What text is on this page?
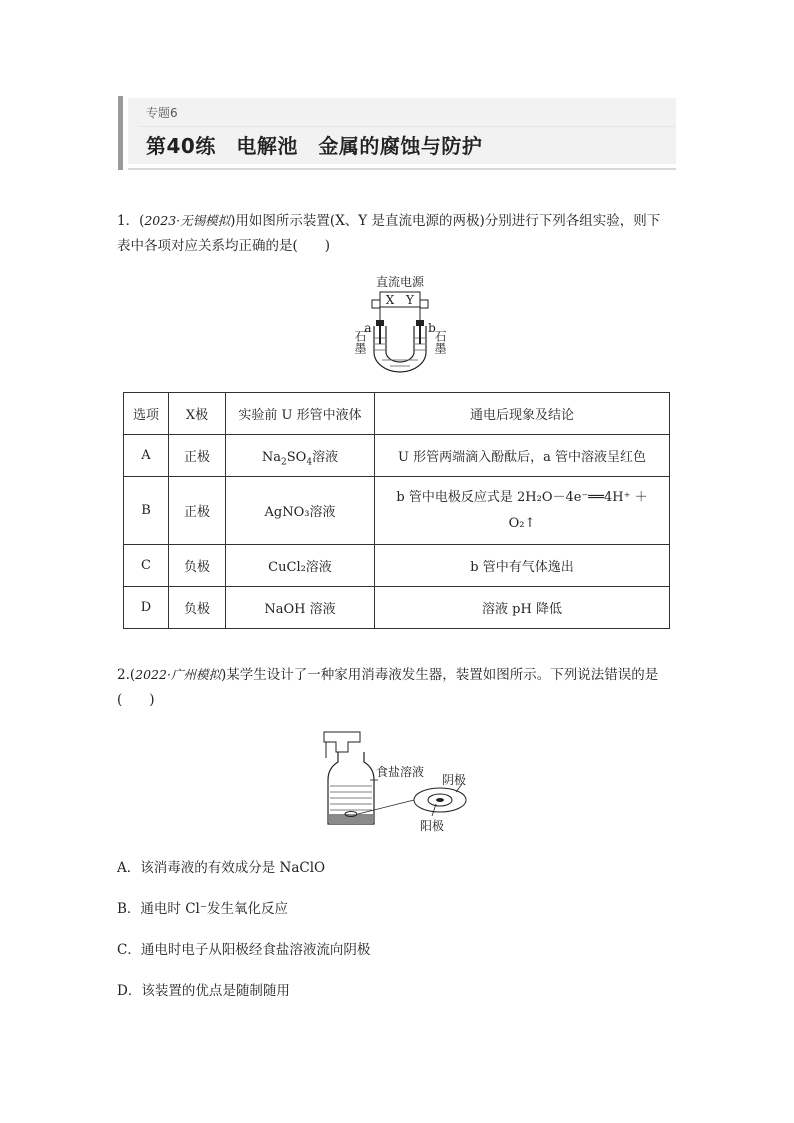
专题6
第40练　电解池　金属的腐蚀与防护
1．(2023·无锡模拟)用如图所示装置(X、Y 是直流电源的两极)分别进行下列各组实验，则下
表中各项对应关系均正确的是(　　)
直流电源
X Y
a	b
石墨	石墨
选项	X极	实验前 U 形管中液体	通电后现象及结论
A	正极	$Na_2SO_4$溶液	U 形管两端滴入酚酞后，a 管中溶液呈红色
B	正极	AgNO₃溶液	b 管中电极反应式是 2H₂O－4e⁻══4H⁺ ＋
O₂↑

C	负极	CuCl₂溶液	b 管中有气体逸出
D	负极	NaOH 溶液	溶液 pH 降低
2.(2022·广州模拟)某学生设计了一种家用消毒液发生器，装置如图所示。下列说法错误的是
(　　)
食盐溶液
阴极
阳极
A．该消毒液的有效成分是 NaClO
B．通电时 Cl⁻发生氧化反应
C．通电时电子从阳极经食盐溶液流向阴极
D．该装置的优点是随制随用
